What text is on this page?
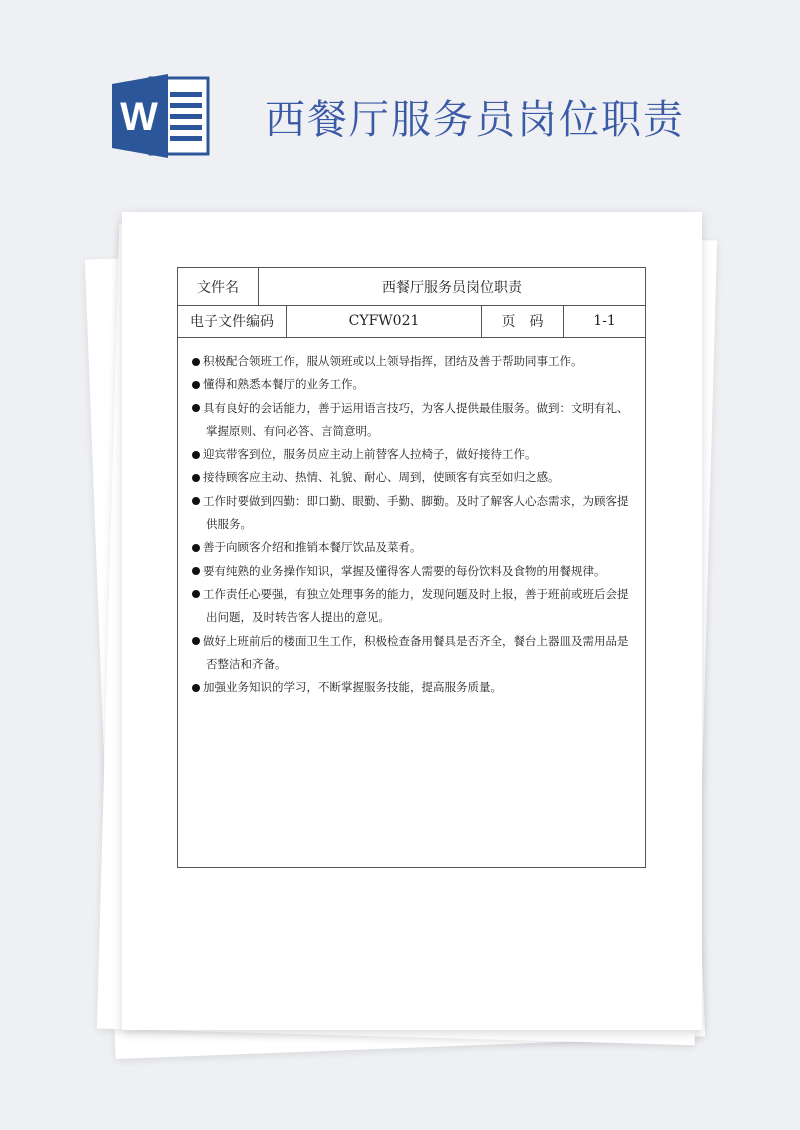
W	西餐厅服务员岗位职责
文件名	西餐厅服务员岗位职责
电子文件编码	CYFW021	页　码	1-1
积极配合领班工作，服从领班或以上领导指挥，团结及善于帮助同事工作。
懂得和熟悉本餐厅的业务工作。
具有良好的会话能力，善于运用语言技巧，为客人提供最佳服务。做到：文明有礼、掌握原则、有问必答、言简意明。
迎宾带客到位，服务员应主动上前替客人拉椅子，做好接待工作。
接待顾客应主动、热情、礼貌、耐心、周到，使顾客有宾至如归之感。
工作时要做到四勤：即口勤、眼勤、手勤、脚勤。及时了解客人心态需求，为顾客提供服务。
善于向顾客介绍和推销本餐厅饮品及菜肴。
要有纯熟的业务操作知识，掌握及懂得客人需要的每份饮料及食物的用餐规律。
工作责任心要强，有独立处理事务的能力，发现问题及时上报，善于班前或班后会提出问题，及时转告客人提出的意见。
做好上班前后的楼面卫生工作，积极检查备用餐具是否齐全，餐台上器皿及需用品是否整洁和齐备。
加强业务知识的学习，不断掌握服务技能，提高服务质量。
